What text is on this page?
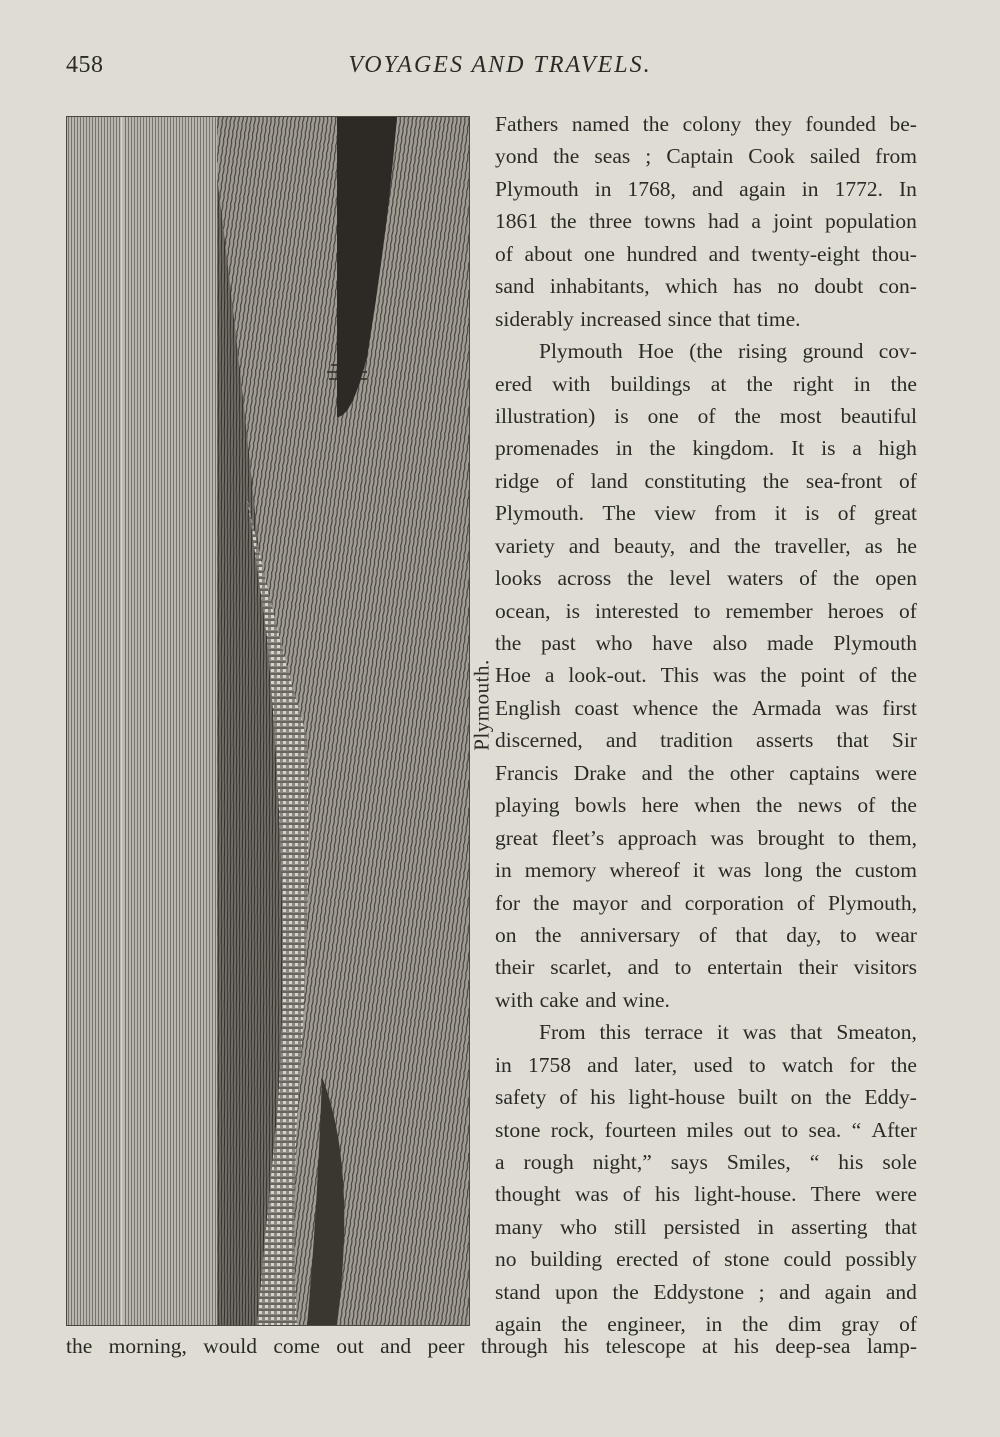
458	VOYAGES AND TRAVELS.
Plymouth.
Fathers named the colony they founded be-
yond the seas ; Captain Cook sailed from
Plymouth in 1768, and again in 1772. In
1861 the three towns had a joint population
of about one hundred and twenty-eight thou-
sand inhabitants, which has no doubt con-
siderably increased since that time.
Plymouth Hoe (the rising ground cov-
ered with buildings at the right in the
illustration) is one of the most beautiful
promenades in the kingdom. It is a high
ridge of land constituting the sea-front of
Plymouth. The view from it is of great
variety and beauty, and the traveller, as he
looks across the level waters of the open
ocean, is interested to remember heroes of
the past who have also made Plymouth
Hoe a look-out. This was the point of the
English coast whence the Armada was first
discerned, and tradition asserts that Sir
Francis Drake and the other captains were
playing bowls here when the news of the
great fleet’s approach was brought to them,
in memory whereof it was long the custom
for the mayor and corporation of Plymouth,
on the anniversary of that day, to wear
their scarlet, and to entertain their visitors
with cake and wine.
From this terrace it was that Smeaton,
in 1758 and later, used to watch for the
safety of his light-house built on the Eddy-
stone rock, fourteen miles out to sea. “ After
a rough night,” says Smiles, “ his sole
thought was of his light-house. There were
many who still persisted in asserting that
no building erected of stone could possibly
stand upon the Eddystone ; and again and
again the engineer, in the dim gray of
the morning, would come out and peer through his telescope at his deep-sea lamp-
